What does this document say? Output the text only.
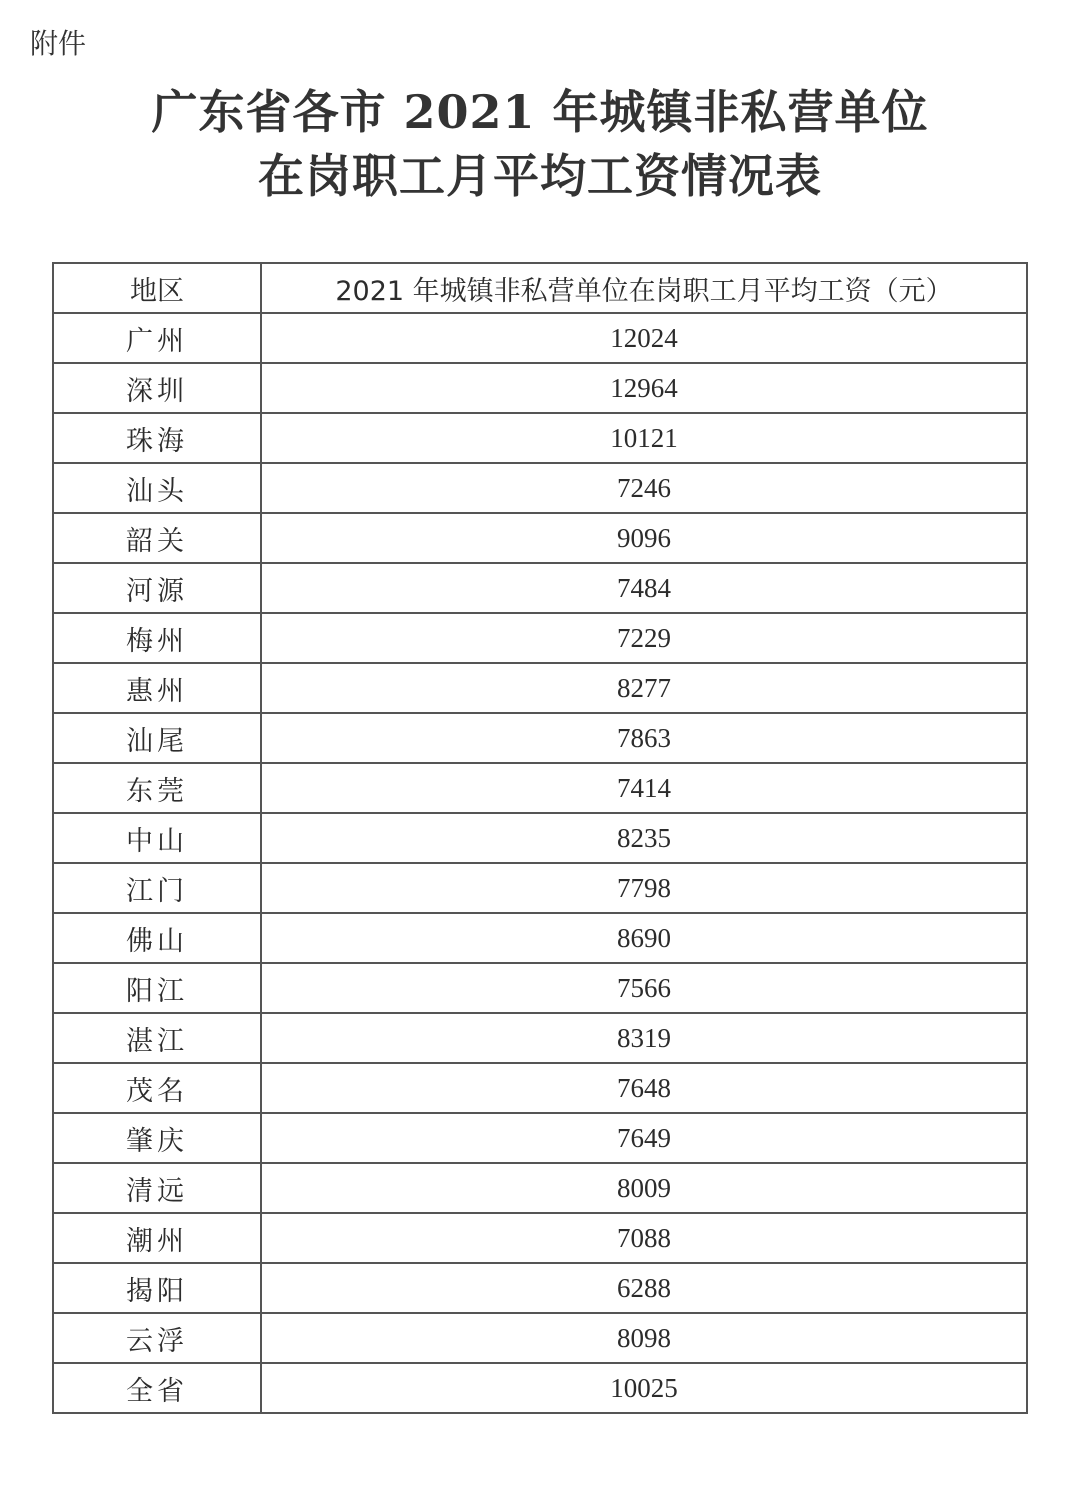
附件
广东省各市 2021 年城镇非私营单位
在岗职工月平均工资情况表
地区	2021 年城镇非私营单位在岗职工月平均工资（元）
广州	12024
深圳	12964
珠海	10121
汕头	7246
韶关	9096
河源	7484
梅州	7229
惠州	8277
汕尾	7863
东莞	7414
中山	8235
江门	7798
佛山	8690
阳江	7566
湛江	8319
茂名	7648
肇庆	7649
清远	8009
潮州	7088
揭阳	6288
云浮	8098
全省	10025
